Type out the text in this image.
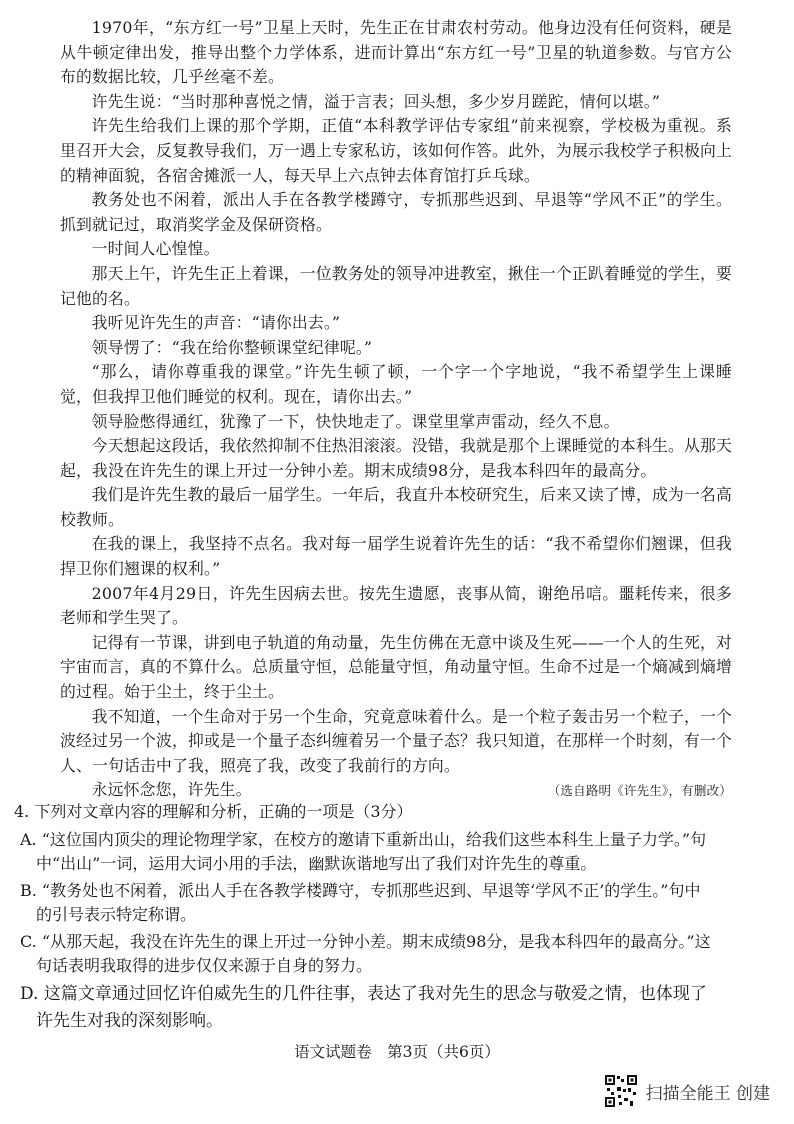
1970年，“东方红一号”卫星上天时，先生正在甘肃农村劳动。他身边没有任何资料，硬是从牛顿定律出发，推导出整个力学体系，进而计算出“东方红一号”卫星的轨道参数。与官方公布的数据比较，几乎丝毫不差。

许先生说：“当时那种喜悦之情，溢于言表；回头想，多少岁月蹉跎，情何以堪。”

许先生给我们上课的那个学期，正值“本科教学评估专家组”前来视察，学校极为重视。系里召开大会，反复教导我们，万一遇上专家私访，该如何作答。此外，为展示我校学子积极向上的精神面貌，各宿舍摊派一人，每天早上六点钟去体育馆打乒乓球。

教务处也不闲着，派出人手在各教学楼蹲守，专抓那些迟到、早退等“学风不正”的学生。抓到就记过，取消奖学金及保研资格。

一时间人心惶惶。

那天上午，许先生正上着课，一位教务处的领导冲进教室，揪住一个正趴着睡觉的学生，要记他的名。

我听见许先生的声音：“请你出去。”

领导愣了：“我在给你整顿课堂纪律呢。”

“那么，请你尊重我的课堂。”许先生顿了顿，一个字一个字地说，“我不希望学生上课睡觉，但我捍卫他们睡觉的权利。现在，请你出去。”

领导脸憋得通红，犹豫了一下，快快地走了。课堂里掌声雷动，经久不息。

今天想起这段话，我依然抑制不住热泪滚滚。没错，我就是那个上课睡觉的本科生。从那天起，我没在许先生的课上开过一分钟小差。期末成绩98分，是我本科四年的最高分。

我们是许先生教的最后一届学生。一年后，我直升本校研究生，后来又读了博，成为一名高校教师。

在我的课上，我坚持不点名。我对每一届学生说着许先生的话：“我不希望你们翘课，但我捍卫你们翘课的权利。”

2007年4月29日，许先生因病去世。按先生遗愿，丧事从简，谢绝吊唁。噩耗传来，很多老师和学生哭了。

记得有一节课，讲到电子轨道的角动量，先生仿佛在无意中谈及生死——一个人的生死，对宇宙而言，真的不算什么。总质量守恒，总能量守恒，角动量守恒。生命不过是一个熵减到熵增的过程。始于尘土，终于尘土。

我不知道，一个生命对于另一个生命，究竟意味着什么。是一个粒子轰击另一个粒子，一个波经过另一个波，抑或是一个量子态纠缠着另一个量子态？我只知道，在那样一个时刻，有一个人、一句话击中了我，照亮了我，改变了我前行的方向。

永远怀念您，许先生。	（选自路明《许先生》，有删改）

4. 下列对文章内容的理解和分析，正确的一项是（3分）

A. “这位国内顶尖的理论物理学家，在校方的邀请下重新出山，给我们这些本科生上量子力学。”句中“出山”一词，运用大词小用的手法，幽默诙谐地写出了我们对许先生的尊重。

B. “教务处也不闲着，派出人手在各教学楼蹲守，专抓那些迟到、早退等‘学风不正’的学生。”句中的引号表示特定称谓。

C. “从那天起，我没在许先生的课上开过一分钟小差。期末成绩98分，是我本科四年的最高分。”这句话表明我取得的进步仅仅来源于自身的努力。

D. 这篇文章通过回忆许伯威先生的几件往事，表达了我对先生的思念与敬爱之情，也体现了许先生对我的深刻影响。

语文试题卷　第3页（共6页）
扫描全能王 创建
